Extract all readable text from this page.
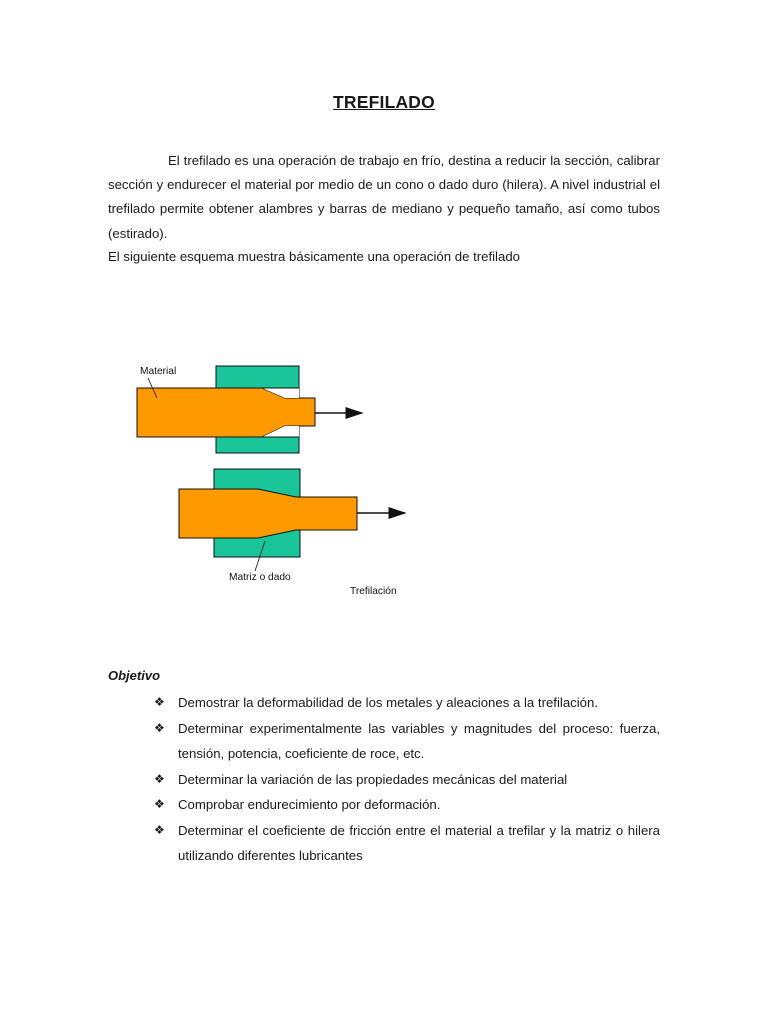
TREFILADO

El trefilado es una operación de trabajo en frío, destina a reducir la sección, calibrar sección y endurecer el material por medio de un cono o dado duro (hilera). A nivel industrial el trefilado permite obtener alambres y barras de mediano y pequeño tamaño, así como tubos (estirado).

El siguiente esquema muestra básicamente una operación de trefilado

Material
Matriz o dado
Trefilación
Objetivo
❖ Demostrar la deformabilidad de los metales y aleaciones a la trefilación.
❖ Determinar experimentalmente las variables y magnitudes del proceso: fuerza, tensión, potencia, coeficiente de roce, etc.
❖ Determinar la variación de las propiedades mecánicas del material
❖ Comprobar endurecimiento por deformación.
❖ Determinar el coeficiente de fricción entre el material a trefilar y la matriz o hilera utilizando diferentes lubricantes
